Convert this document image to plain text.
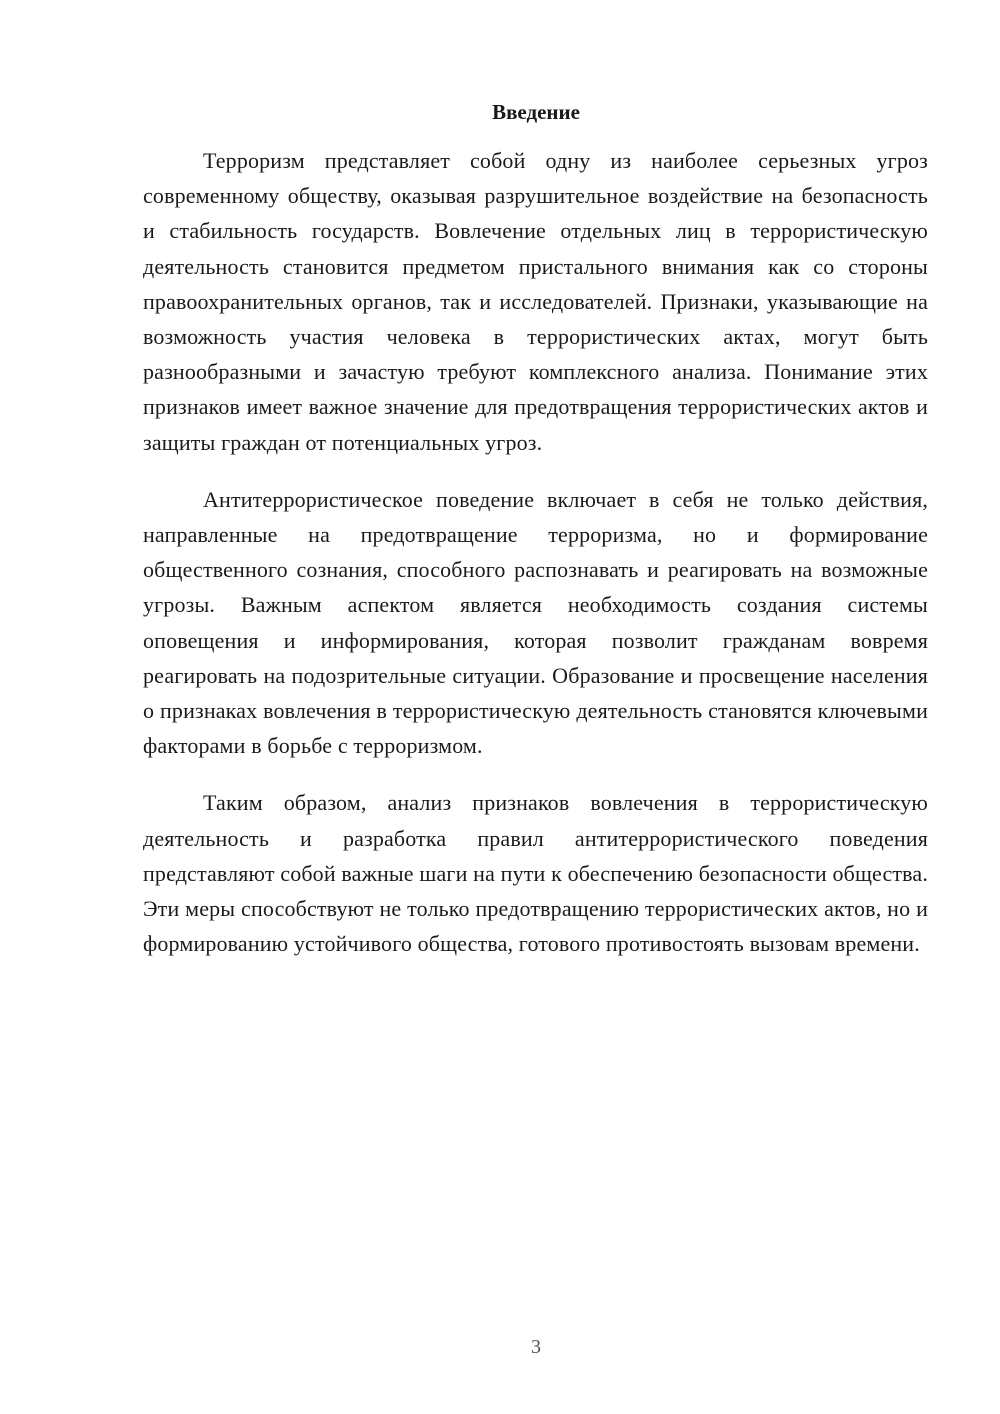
Введение

Терроризм представляет собой одну из наиболее серьезных угроз современному обществу, оказывая разрушительное воздействие на безопасность и стабильность государств. Вовлечение отдельных лиц в террористическую деятельность становится предметом пристального внимания как со стороны правоохранительных органов, так и исследователей. Признаки, указывающие на возможность участия человека в террористических актах, могут быть разнообразными и зачастую требуют комплексного анализа. Понимание этих признаков имеет важное значение для предотвращения террористических актов и защиты граждан от потенциальных угроз.

Антитеррористическое поведение включает в себя не только действия, направленные на предотвращение терроризма, но и формирование общественного сознания, способного распознавать и реагировать на возможные угрозы. Важным аспектом является необходимость создания системы оповещения и информирования, которая позволит гражданам вовремя реагировать на подозрительные ситуации. Образование и просвещение населения о признаках вовлечения в террористическую деятельность становятся ключевыми факторами в борьбе с терроризмом.

Таким образом, анализ признаков вовлечения в террористическую деятельность и разработка правил антитеррористического поведения представляют собой важные шаги на пути к обеспечению безопасности общества. Эти меры способствуют не только предотвращению террористических актов, но и формированию устойчивого общества, готового противостоять вызовам времени.

3
